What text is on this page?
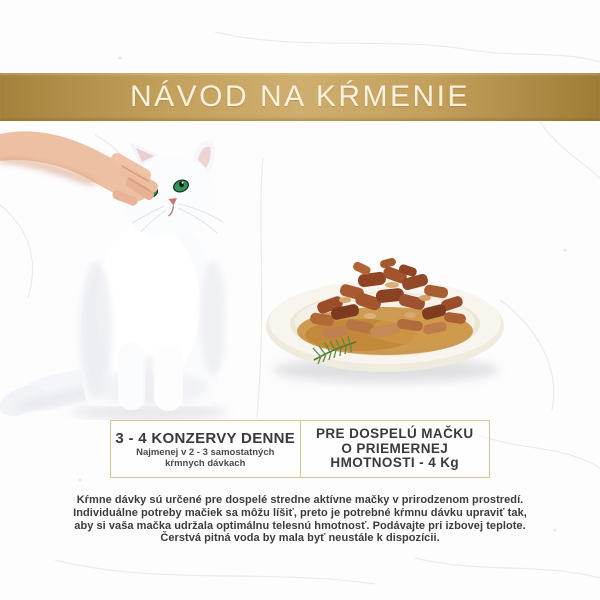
NÁVOD NA KŔMENIE
3 - 4 KONZERVY DENNE
Najmenej v 2 - 3 samostatných
kŕmnych dávkach
PRE DOSPELÚ MAČKU
O PRIEMERNEJ
HMOTNOSTI - 4 Kg
Kŕmne dávky sú určené pre dospelé stredne aktívne mačky v prirodzenom prostredí.
Individuálne potreby mačiek sa môžu líšiť, preto je potrebné kŕmnu dávku upraviť tak,
aby si vaša mačka udržala optimálnu telesnú hmotnosť. Podávajte pri izbovej teplote.
Čerstvá pitná voda by mala byť neustále k dispozícii.
